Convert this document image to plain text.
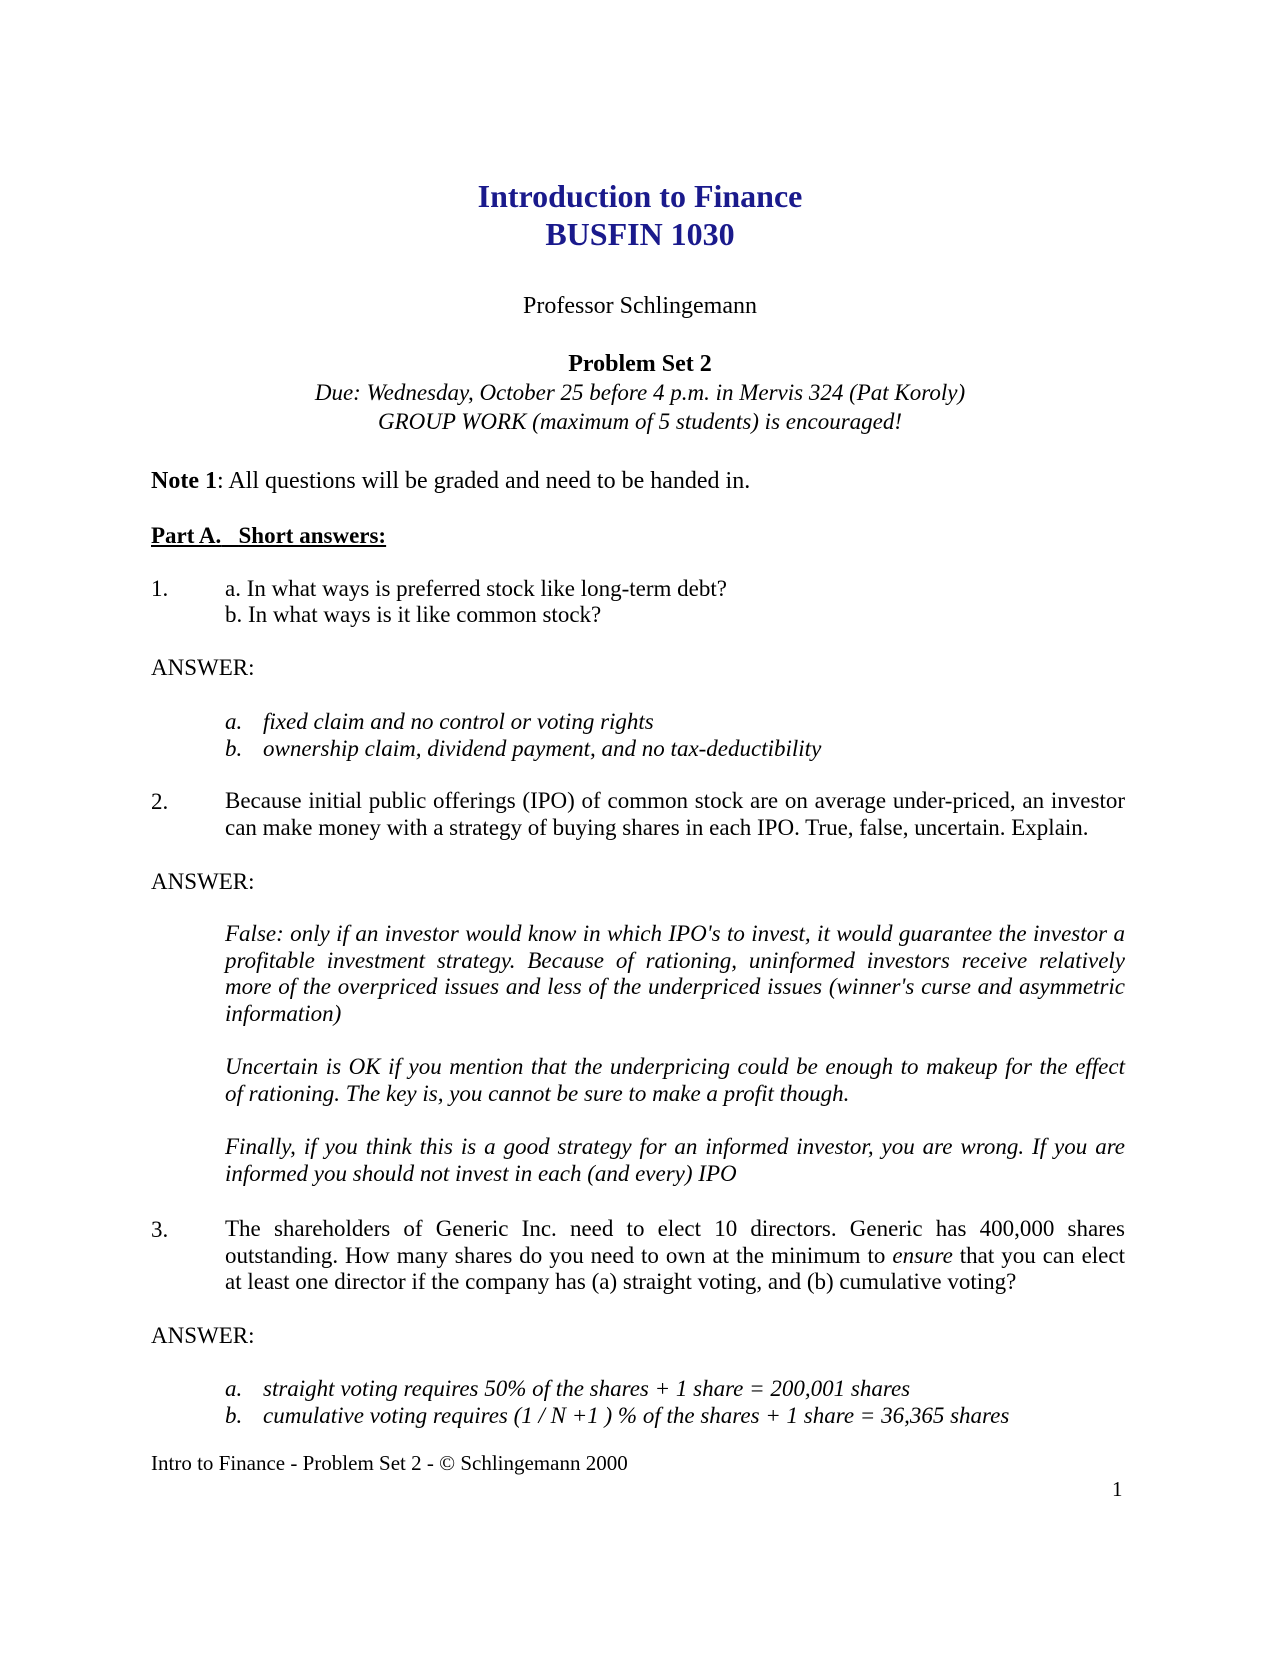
Introduction to Finance
BUSFIN 1030
Professor Schlingemann
Problem Set 2
Due: Wednesday, October 25 before 4 p.m. in Mervis 324 (Pat Koroly)
GROUP WORK (maximum of 5 students) is encouraged!
Note 1: All questions will be graded and need to be handed in.
Part A. Short answers:
1. a. In what ways is preferred stock like long-term debt?
b. In what ways is it like common stock?
ANSWER:
a. fixed claim and no control or voting rights
b. ownership claim, dividend payment, and no tax-deductibility
2. Because initial public offerings (IPO) of common stock are on average under-priced, an investor
can make money with a strategy of buying shares in each IPO. True, false, uncertain. Explain.
ANSWER:
False: only if an investor would know in which IPO's to invest, it would guarantee the investor a
profitable investment strategy. Because of rationing, uninformed investors receive relatively
more of the overpriced issues and less of the underpriced issues (winner's curse and asymmetric
information)
Uncertain is OK if you mention that the underpricing could be enough to makeup for the effect
of rationing. The key is, you cannot be sure to make a profit though.
Finally, if you think this is a good strategy for an informed investor, you are wrong. If you are
informed you should not invest in each (and every) IPO
3. The shareholders of Generic Inc. need to elect 10 directors. Generic has 400,000 shares
outstanding. How many shares do you need to own at the minimum to ensure that you can elect
at least one director if the company has (a) straight voting, and (b) cumulative voting?
ANSWER:
a. straight voting requires 50% of the shares + 1 share = 200,001 shares
b. cumulative voting requires (1 / N +1 ) % of the shares + 1 share = 36,365 shares
Intro to Finance - Problem Set 2 - © Schlingemann 2000
1
